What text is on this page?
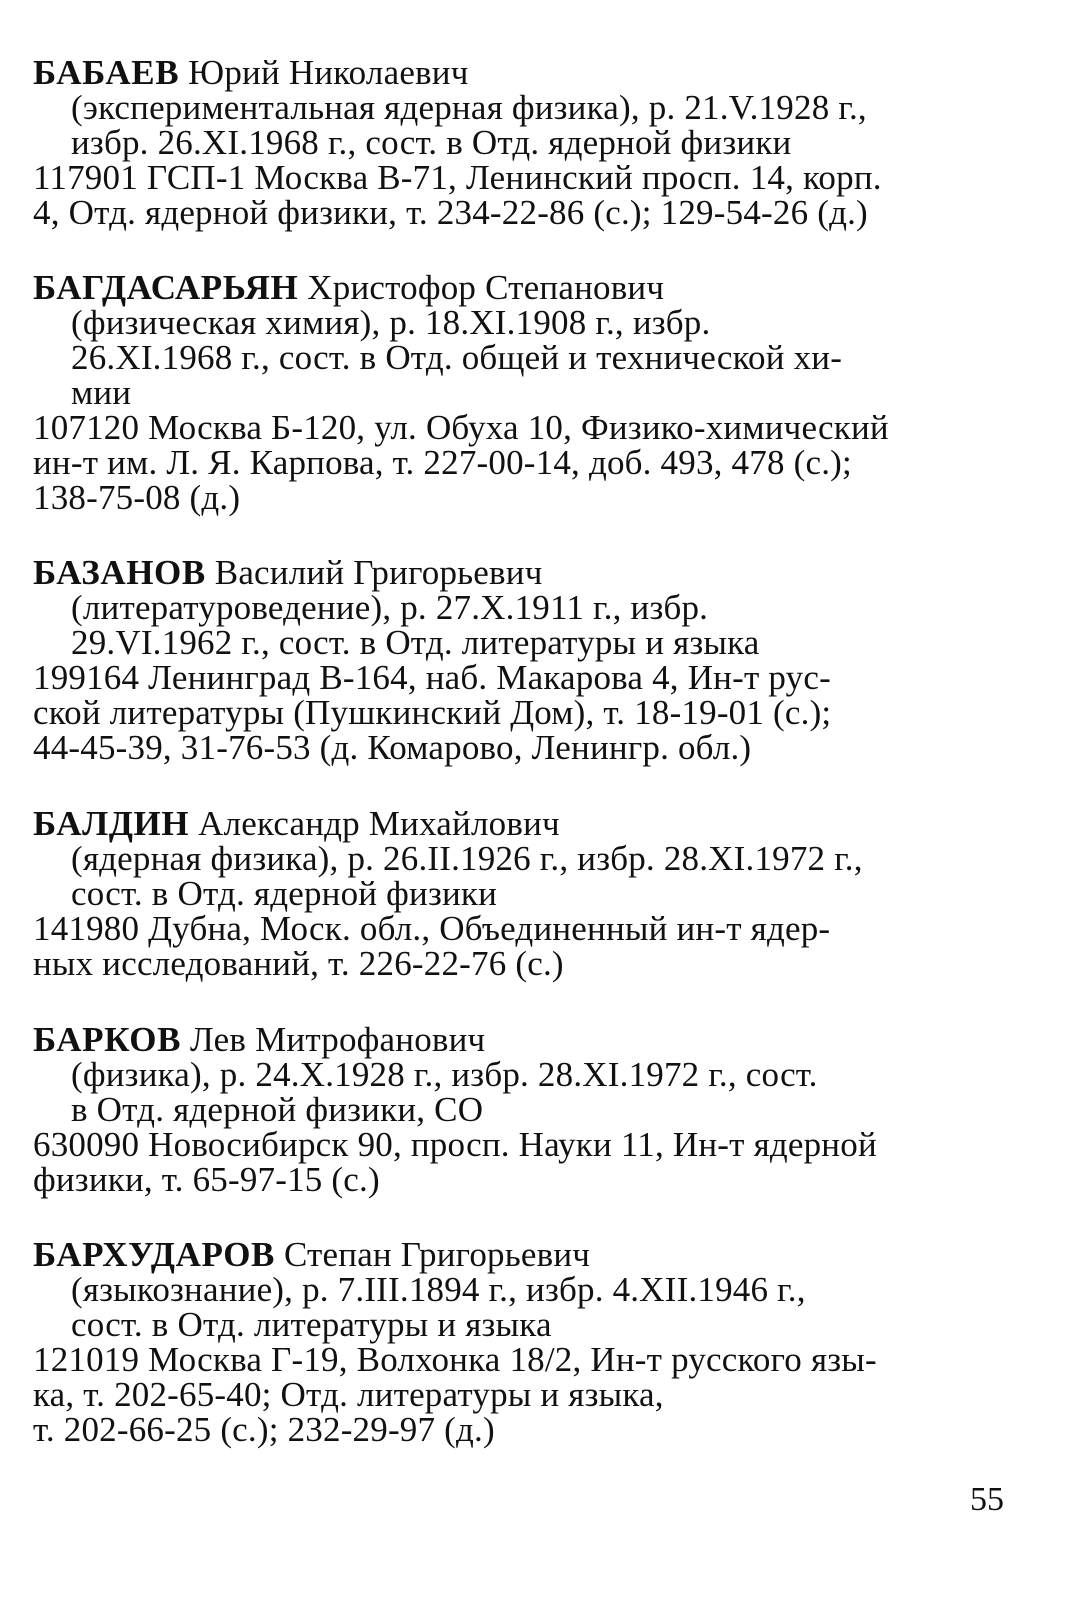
БАБАЕВ Юрий Николаевич
(экспериментальная ядерная физика), р. 21.V.1928 г.,
избр. 26.XI.1968 г., сост. в Отд. ядерной физики
117901 ГСП-1 Москва В-71, Ленинский просп. 14, корп.
4, Отд. ядерной физики, т. 234-22-86 (с.); 129-54-26 (д.)
БАГДАСАРЬЯН Христофор Степанович
(физическая химия), р. 18.XI.1908 г., избр.
26.XI.1968 г., сост. в Отд. общей и технической хи-
мии
107120 Москва Б-120, ул. Обуха 10, Физико-химический
ин-т им. Л. Я. Карпова, т. 227-00-14, доб. 493, 478 (с.);
138-75-08 (д.)
БАЗАНОВ Василий Григорьевич
(литературоведение), р. 27.X.1911 г., избр.
29.VI.1962 г., сост. в Отд. литературы и языка
199164 Ленинград В-164, наб. Макарова 4, Ин-т рус-
ской литературы (Пушкинский Дом), т. 18-19-01 (с.);
44-45-39, 31-76-53 (д. Комарово, Ленингр. обл.)
БАЛДИН Александр Михайлович
(ядерная физика), р. 26.II.1926 г., избр. 28.XI.1972 г.,
сост. в Отд. ядерной физики
141980 Дубна, Моск. обл., Объединенный ин-т ядер-
ных исследований, т. 226-22-76 (с.)
БАРКОВ Лев Митрофанович
(физика), р. 24.X.1928 г., избр. 28.XI.1972 г., сост.
в Отд. ядерной физики, СО
630090 Новосибирск 90, просп. Науки 11, Ин-т ядерной
физики, т. 65-97-15 (с.)
БАРХУДАРОВ Степан Григорьевич
(языкознание), р. 7.III.1894 г., избр. 4.XII.1946 г.,
сост. в Отд. литературы и языка
121019 Москва Г-19, Волхонка 18/2, Ин-т русского язы-
ка, т. 202-65-40; Отд. литературы и языка,
т. 202-66-25 (с.); 232-29-97 (д.)
55
